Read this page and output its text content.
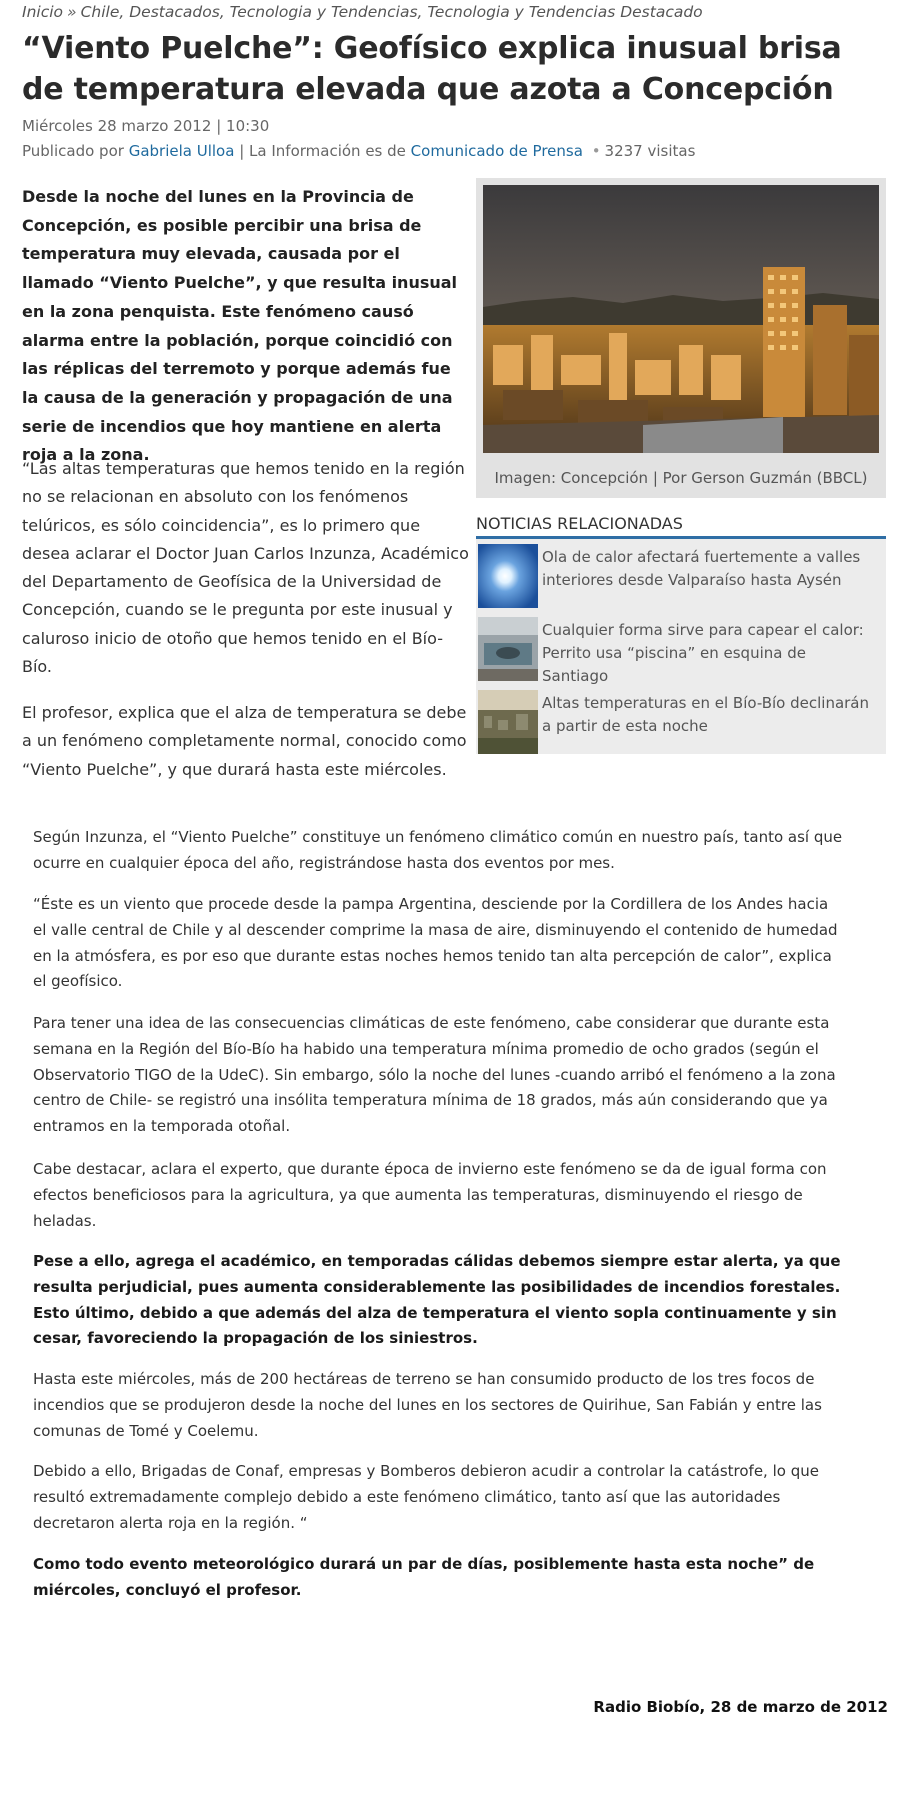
Inicio » Chile, Destacados, Tecnologia y Tendencias, Tecnologia y Tendencias Destacado
“Viento Puelche”: Geofísico explica inusual brisa de temperatura elevada que azota a Concepción
Miércoles 28 marzo 2012 | 10:30
Publicado por Gabriela Ulloa | La Información es de Comunicado de Prensa • 3237 visitas

Desde la noche del lunes en la Provincia de Concepción, es posible percibir una brisa de temperatura muy elevada, causada por el llamado “Viento Puelche”, y que resulta inusual en la zona penquista. Este fenómeno causó alarma entre la población, porque coincidió con las réplicas del terremoto y porque además fue la causa de la generación y propagación de una serie de incendios que hoy mantiene en alerta roja a la zona.

“Las altas temperaturas que hemos tenido en la región no se relacionan en absoluto con los fenómenos telúricos, es sólo coincidencia”, es lo primero que desea aclarar el Doctor Juan Carlos Inzunza, Académico del Departamento de Geofísica de la Universidad de Concepción, cuando se le pregunta por este inusual y caluroso inicio de otoño que hemos tenido en el Bío-Bío.

El profesor, explica que el alza de temperatura se debe a un fenómeno completamente normal, conocido como “Viento Puelche”, y que durará hasta este miércoles.

Imagen: Concepción | Por Gerson Guzmán (BBCL)
NOTICIAS RELACIONADAS
Ola de calor afectará fuertemente a valles interiores desde Valparaíso hasta Aysén
Cualquier forma sirve para capear el calor: Perrito usa “piscina” en esquina de Santiago
Altas temperaturas en el Bío-Bío declinarán a partir de esta noche

Según Inzunza, el “Viento Puelche” constituye un fenómeno climático común en nuestro país, tanto así que ocurre en cualquier época del año, registrándose hasta dos eventos por mes.

“Éste es un viento que procede desde la pampa Argentina, desciende por la Cordillera de los Andes hacia el valle central de Chile y al descender comprime la masa de aire, disminuyendo el contenido de humedad en la atmósfera, es por eso que durante estas noches hemos tenido tan alta percepción de calor”, explica el geofísico.

Para tener una idea de las consecuencias climáticas de este fenómeno, cabe considerar que durante esta semana en la Región del Bío-Bío ha habido una temperatura mínima promedio de ocho grados (según el Observatorio TIGO de la UdeC). Sin embargo, sólo la noche del lunes -cuando arribó el fenómeno a la zona centro de Chile- se registró una insólita temperatura mínima de 18 grados, más aún considerando que ya entramos en la temporada otoñal.

Cabe destacar, aclara el experto, que durante época de invierno este fenómeno se da de igual forma con efectos beneficiosos para la agricultura, ya que aumenta las temperaturas, disminuyendo el riesgo de heladas.

Pese a ello, agrega el académico, en temporadas cálidas debemos siempre estar alerta, ya que resulta perjudicial, pues aumenta considerablemente las posibilidades de incendios forestales. Esto último, debido a que además del alza de temperatura el viento sopla continuamente y sin cesar, favoreciendo la propagación de los siniestros.

Hasta este miércoles, más de 200 hectáreas de terreno se han consumido producto de los tres focos de incendios que se produjeron desde la noche del lunes en los sectores de Quirihue, San Fabián y entre las comunas de Tomé y Coelemu.

Debido a ello, Brigadas de Conaf, empresas y Bomberos debieron acudir a controlar la catástrofe, lo que resultó extremadamente complejo debido a este fenómeno climático, tanto así que las autoridades decretaron alerta roja en la región. “

Como todo evento meteorológico durará un par de días, posiblemente hasta esta noche” de miércoles, concluyó el profesor.

Radio Biobío, 28 de marzo de 2012
